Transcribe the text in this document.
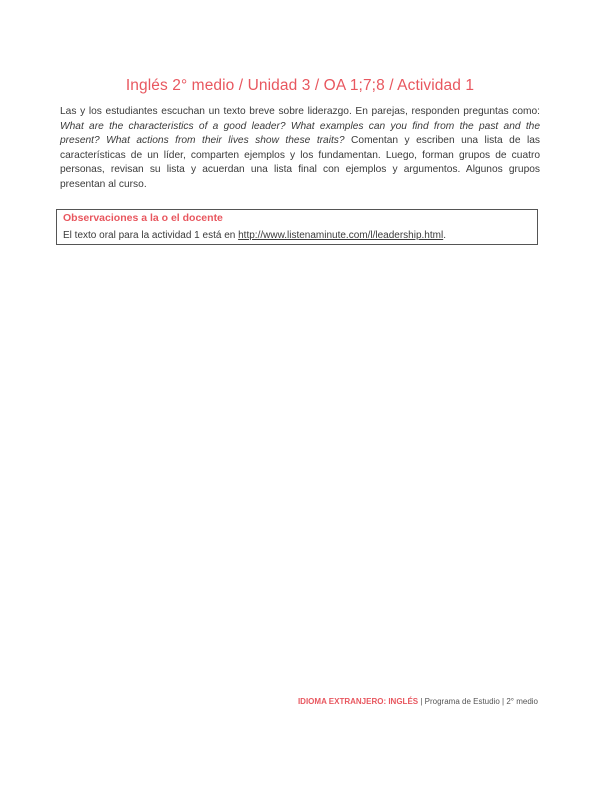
Inglés 2° medio / Unidad 3 / OA 1;7;8 / Actividad 1
Las y los estudiantes escuchan un texto breve sobre liderazgo. En parejas, responden preguntas como: What are the characteristics of a good leader? What examples can you find from the past and the present? What actions from their lives show these traits? Comentan y escriben una lista de las características de un líder, comparten ejemplos y los fundamentan. Luego, forman grupos de cuatro personas, revisan su lista y acuerdan una lista final con ejemplos y argumentos. Algunos grupos presentan al curso.
Observaciones a la o el docente
El texto oral para la actividad 1 está en http://www.listenaminute.com/l/leadership.html.
IDIOMA EXTRANJERO: INGLÉS | Programa de Estudio | 2° medio
